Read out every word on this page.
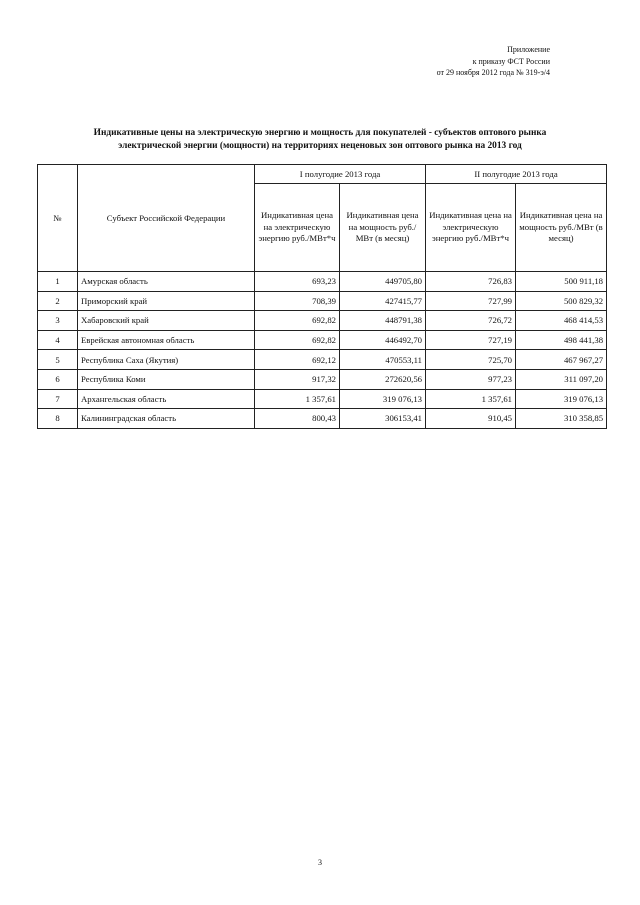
Приложение
к приказу ФСТ России
от 29 ноября 2012 года № 319-э/4
Индикативные цены на электрическую энергию и мощность для покупателей - субъектов оптового рынка
электрической энергии (мощности) на территориях неценовых зон оптового рынка на 2013 год
№	Субъект Российской Федерации	I полугодие 2013 года		II полугодие 2013 года	
		Индикативная цена на электрическую энергию руб./МВт*ч	Индикативная цена на мощность руб./МВт (в месяц)	Индикативная цена на электрическую энергию руб./МВт*ч	Индикативная цена на мощность руб./МВт (в месяц)
1	Амурская область	693,23	449705,80	726,83	500 911,18
2	Приморский край	708,39	427415,77	727,99	500 829,32
3	Хабаровский край	692,82	448791,38	726,72	468 414,53
4	Еврейская автономная область	692,82	446492,70	727,19	498 441,38
5	Республика Саха (Якутия)	692,12	470553,11	725,70	467 967,27
6	Республика Коми	917,32	272620,56	977,23	311 097,20
7	Архангельская область	1 357,61	319 076,13	1 357,61	319 076,13
8	Калининградская область	800,43	306153,41	910,45	310 358,85
3
